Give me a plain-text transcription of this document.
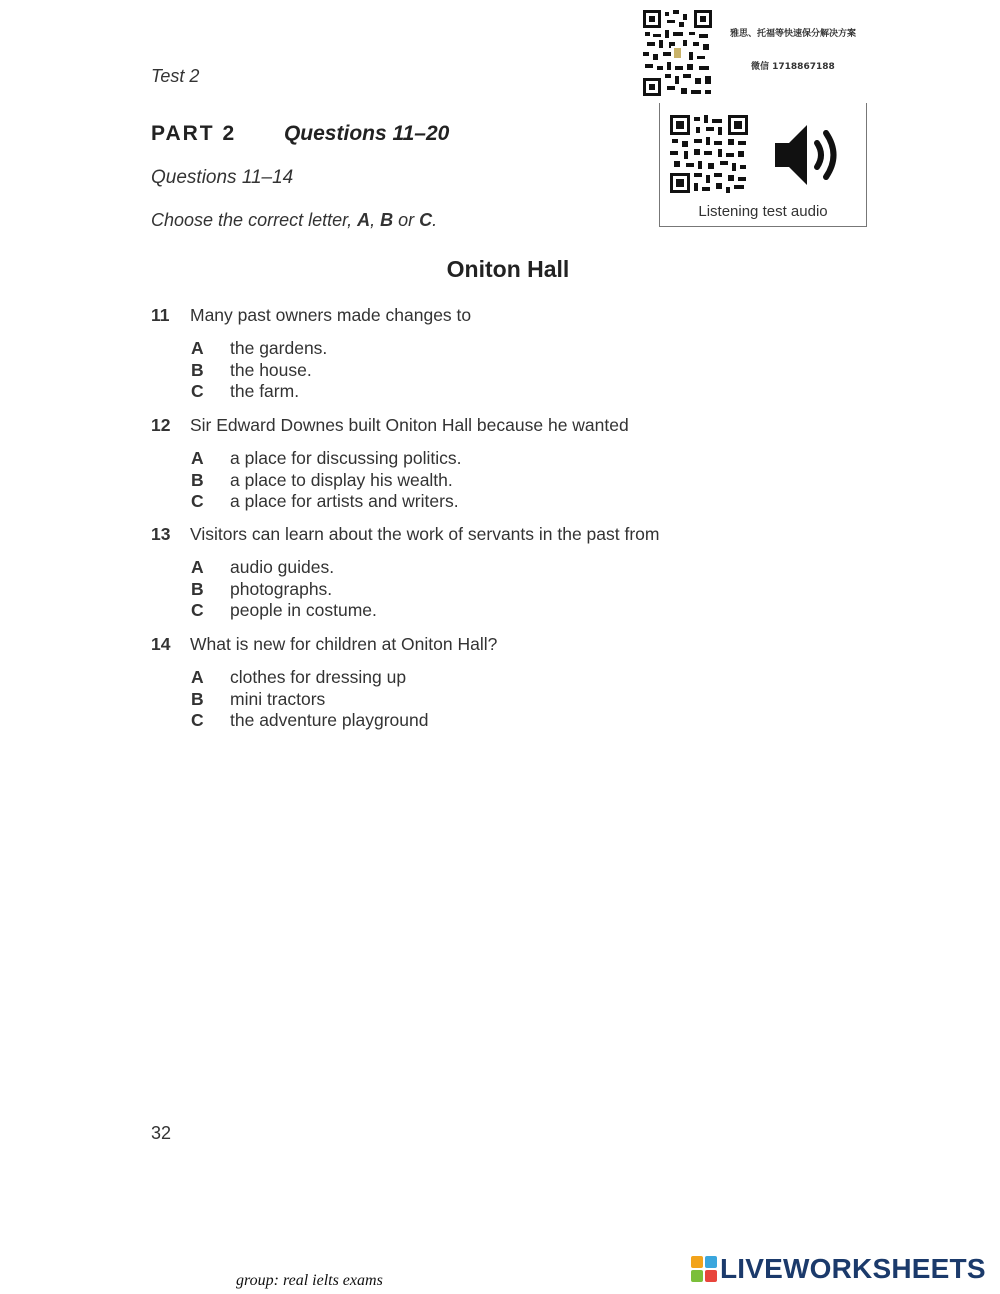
Test 2
PART 2 Questions 11–20
Questions 11–14
Choose the correct letter, A, B or C.
雅思、托福等快速保分解决方案
微信 1718867188
Listening test audio
Oniton Hall
11 Many past owners made changes to
A the gardens.
B the house.
C the farm.
12 Sir Edward Downes built Oniton Hall because he wanted
A a place for discussing politics.
B a place to display his wealth.
C a place for artists and writers.
13 Visitors can learn about the work of servants in the past from
A audio guides.
B photographs.
C people in costume.
14 What is new for children at Oniton Hall?
A clothes for dressing up
B mini tractors
C the adventure playground
32
group: real ielts exams	LIVEWORKSHEETS
